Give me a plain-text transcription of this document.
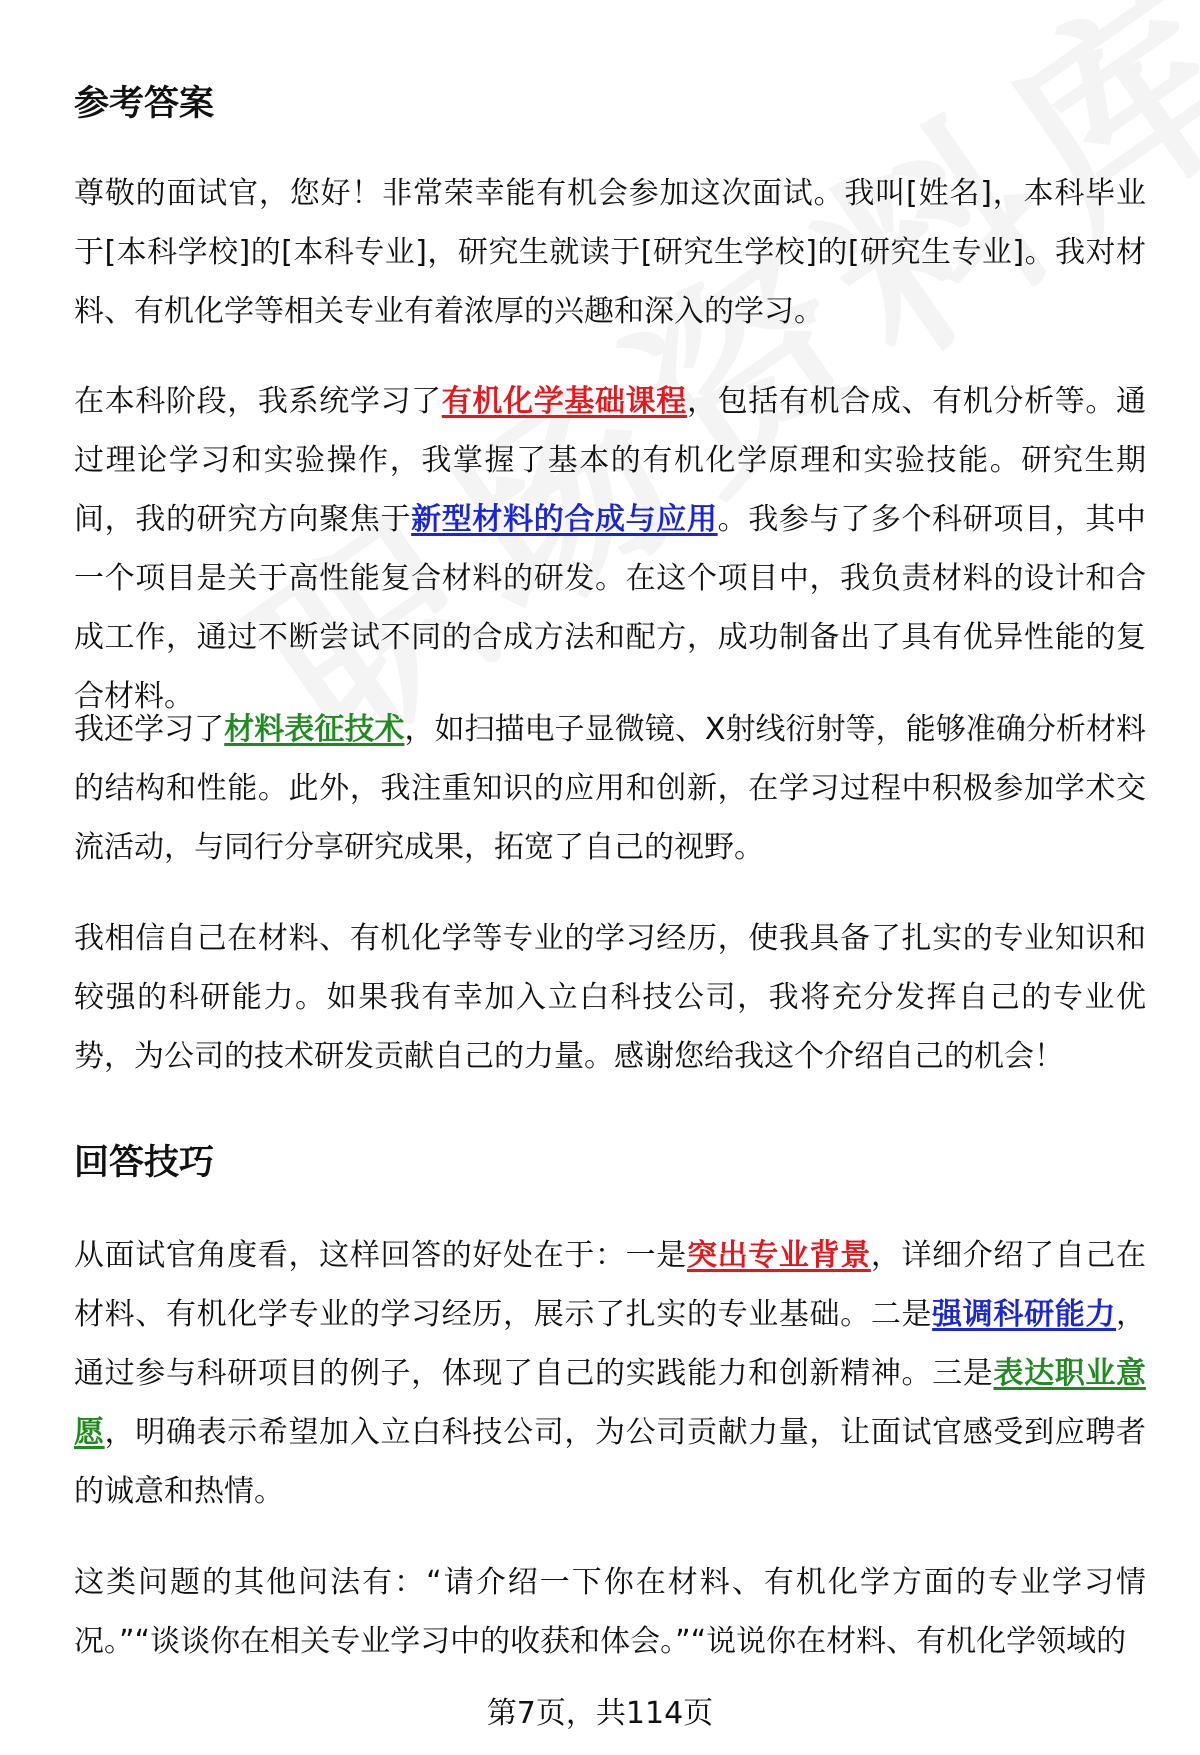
参考答案

尊敬的面试官，您好！非常荣幸能有机会参加这次面试。我叫[姓名]，本科毕业于[本科学校]的[本科专业]，研究生就读于[研究生学校]的[研究生专业]。我对材料、有机化学等相关专业有着浓厚的兴趣和深入的学习。

在本科阶段，我系统学习了有机化学基础课程，包括有机合成、有机分析等。通过理论学习和实验操作，我掌握了基本的有机化学原理和实验技能。研究生期间，我的研究方向聚焦于新型材料的合成与应用。我参与了多个科研项目，其中一个项目是关于高性能复合材料的研发。在这个项目中，我负责材料的设计和合成工作，通过不断尝试不同的合成方法和配方，成功制备出了具有优异性能的复合材料。

我还学习了材料表征技术，如扫描电子显微镜、X射线衍射等，能够准确分析材料的结构和性能。此外，我注重知识的应用和创新，在学习过程中积极参加学术交流活动，与同行分享研究成果，拓宽了自己的视野。

我相信自己在材料、有机化学等专业的学习经历，使我具备了扎实的专业知识和较强的科研能力。如果我有幸加入立白科技公司，我将充分发挥自己的专业优势，为公司的技术研发贡献自己的力量。感谢您给我这个介绍自己的机会！

回答技巧

从面试官角度看，这样回答的好处在于：一是突出专业背景，详细介绍了自己在材料、有机化学专业的学习经历，展示了扎实的专业基础。二是强调科研能力，通过参与科研项目的例子，体现了自己的实践能力和创新精神。三是表达职业意愿，明确表示希望加入立白科技公司，为公司贡献力量，让面试官感受到应聘者的诚意和热情。

这类问题的其他问法有：“请介绍一下你在材料、有机化学方面的专业学习情况。”“谈谈你在相关专业学习中的收获和体会。”“说说你在材料、有机化学领域的

第7页，共114页
